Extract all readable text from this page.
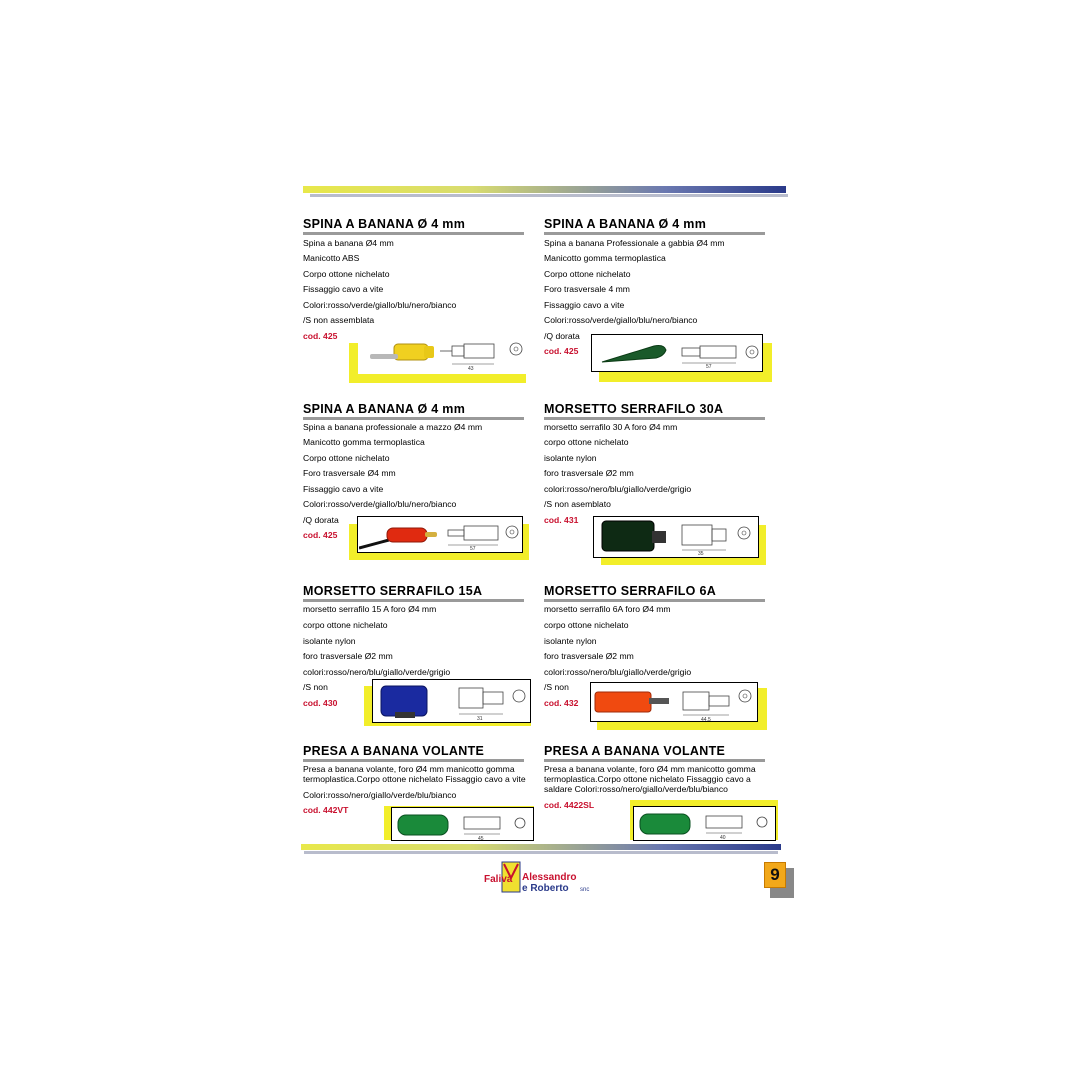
SPINA A BANANA Ø 4 mm
Spina a banana Ø4 mm
Manicotto ABS
Corpo ottone nichelato
Fissaggio cavo a vite
Colori:rosso/verde/giallo/blu/nero/bianco
/S non assemblata
cod. 425
43
SPINA A BANANA Ø 4 mm
Spina a banana Professionale a gabbia Ø4 mm
Manicotto gomma termoplastica
Corpo ottone nichelato
Foro trasversale 4 mm
Fissaggio cavo a vite
Colori:rosso/verde/giallo/blu/nero/bianco
/Q dorata
cod. 425
57
SPINA A BANANA Ø 4 mm
Spina a banana professionale a mazzo Ø4 mm
Manicotto gomma termoplastica
Corpo ottone nichelato
Foro trasversale Ø4 mm
Fissaggio cavo a vite
Colori:rosso/verde/giallo/blu/nero/bianco
/Q dorata
cod. 425
57
MORSETTO SERRAFILO 30A
morsetto serrafilo 30 A foro Ø4 mm
corpo ottone nichelato
isolante nylon
foro trasversale Ø2 mm
colori:rosso/nero/blu/giallo/verde/grigio
/S non asemblato
cod. 431
35
MORSETTO SERRAFILO 15A
morsetto serrafilo 15 A foro Ø4 mm
corpo ottone nichelato
isolante nylon
foro trasversale Ø2 mm
colori:rosso/nero/blu/giallo/verde/grigio
/S non
cod. 430
31
MORSETTO SERRAFILO 6A
morsetto serrafilo 6A foro Ø4 mm
corpo ottone nichelato
isolante nylon
foro trasversale Ø2 mm
colori:rosso/nero/blu/giallo/verde/grigio
/S non
cod. 432
44,5
PRESA A BANANA VOLANTE
Presa a banana volante, foro Ø4 mm manicotto gomma
termoplastica.Corpo ottone nichelato Fissaggio cavo a vite
Colori:rosso/nero/giallo/verde/blu/bianco
cod. 442VT
45
PRESA A BANANA VOLANTE
Presa a banana volante, foro Ø4 mm manicotto gomma
termoplastica.Corpo ottone nichelato Fissaggio cavo a
saldare Colori:rosso/nero/giallo/verde/blu/bianco
cod. 4422SL
40
Faliva Alessandro
e Roberto snc
9
